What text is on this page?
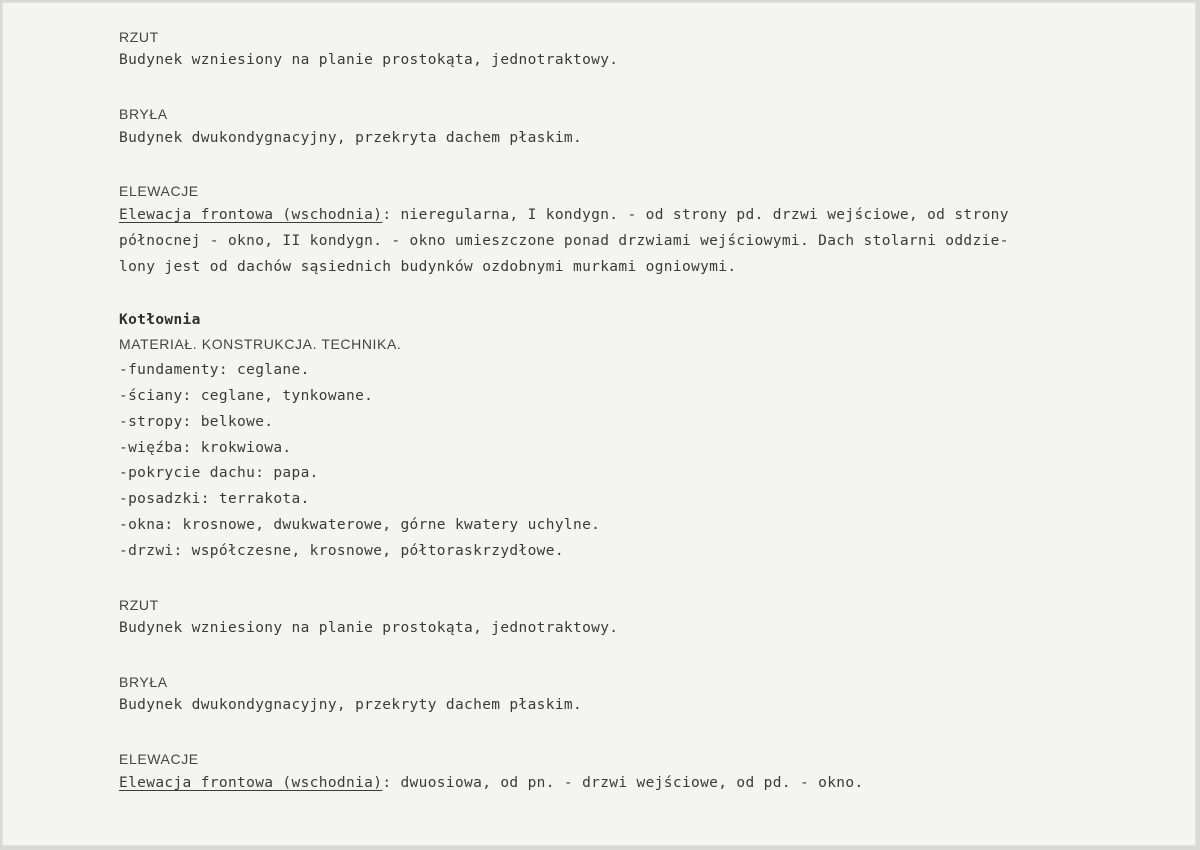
RZUT
Budynek wzniesiony na planie prostokąta, jednotraktowy.
BRYŁA
Budynek dwukondygnacyjny, przekryta dachem płaskim.
ELEWACJE
Elewacja frontowa (wschodnia): nieregularna, I kondygn. - od strony pd. drzwi wejściowe, od strony
północnej - okno, II kondygn. - okno umieszczone ponad drzwiami wejściowymi. Dach stolarni oddzie-
lony jest od dachów sąsiednich budynków ozdobnymi murkami ogniowymi.
Kotłownia
MATERIAŁ. KONSTRUKCJA. TECHNIKA.
-fundamenty: ceglane.
-ściany: ceglane, tynkowane.
-stropy: belkowe.
-więźba: krokwiowa.
-pokrycie dachu: papa.
-posadzki: terrakota.
-okna: krosnowe, dwukwaterowe, górne kwatery uchylne.
-drzwi: współczesne, krosnowe, półtoraskrzydłowe.
RZUT
Budynek wzniesiony na planie prostokąta, jednotraktowy.
BRYŁA
Budynek dwukondygnacyjny, przekryty dachem płaskim.
ELEWACJE
Elewacja frontowa (wschodnia): dwuosiowa, od pn. - drzwi wejściowe, od pd. - okno.
